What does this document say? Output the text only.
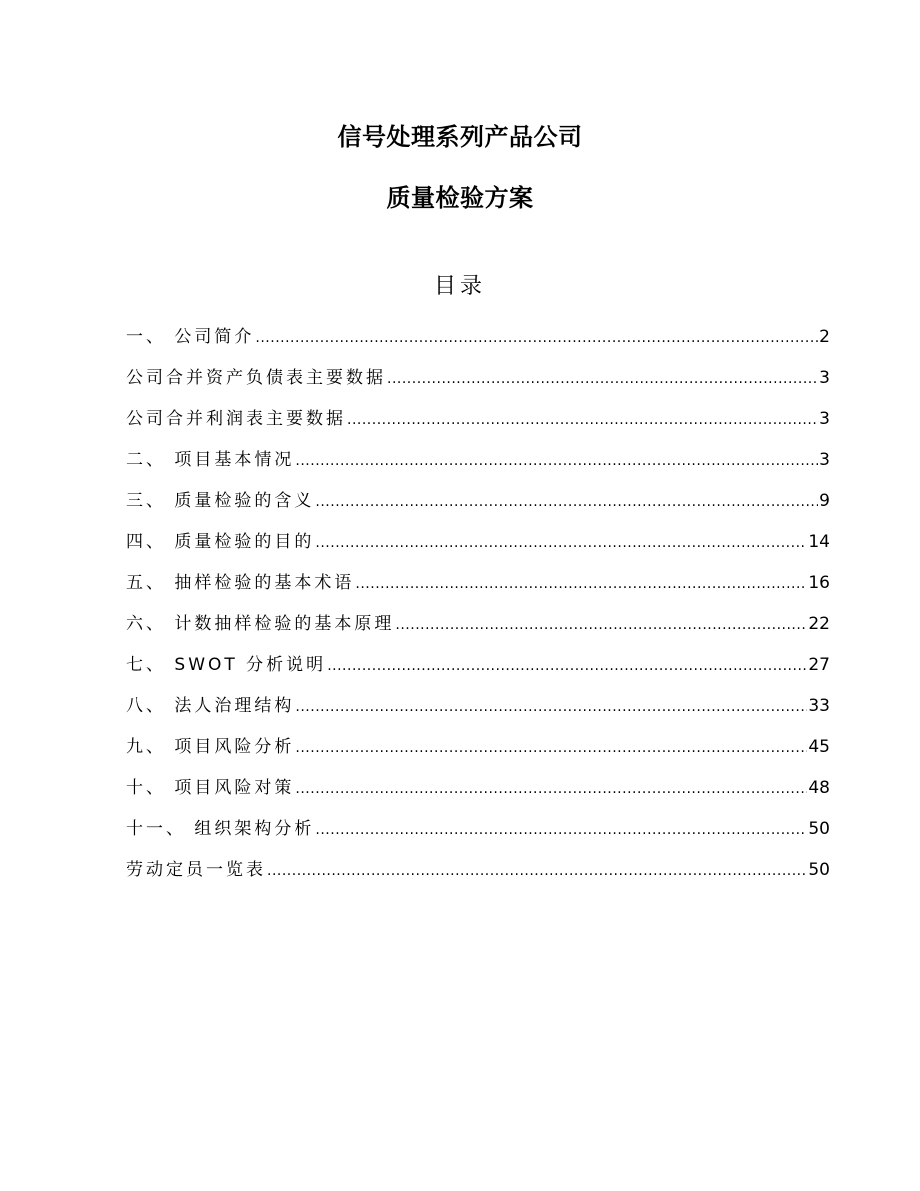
信号处理系列产品公司
质量检验方案
目录
一、 公司简介 .....	2
公司合并资产负债表主要数据 .....	3
公司合并利润表主要数据 .....	3
二、 项目基本情况 .....	3
三、 质量检验的含义 .....	9
四、 质量检验的目的 .....	14
五、 抽样检验的基本术语 .....	16
六、 计数抽样检验的基本原理 .....	22
七、 SWOT 分析说明 .....	27
八、 法人治理结构 .....	33
九、 项目风险分析 .....	45
十、 项目风险对策 .....	48
十一、 组织架构分析 .....	50
劳动定员一览表 .....	50
